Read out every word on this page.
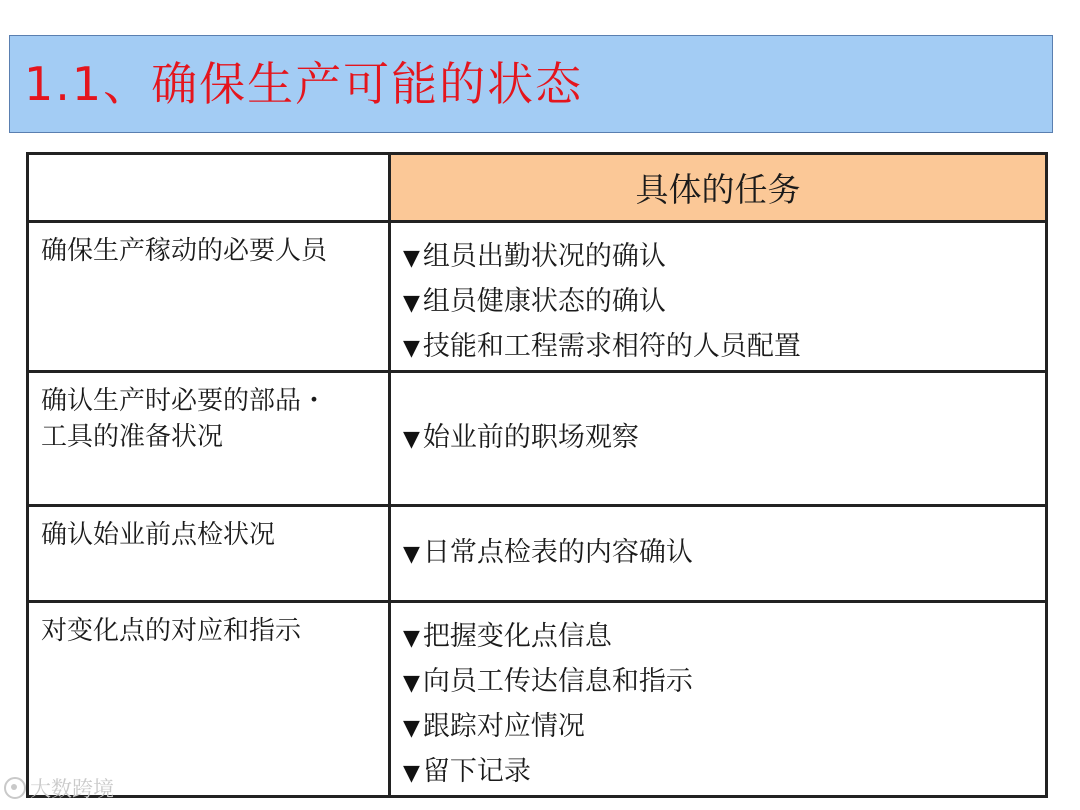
1.1、确保生产可能的状态
	具体的任务

确保生产稼动的必要人员	▼ 组员出勤状况的确认
▼ 组员健康状态的确认
▼ 技能和工程需求相符的人员配置

确认生产时必要的部品・
工具的准备状况	▼ 始业前的职场观察

确认始业前点检状况	▼ 日常点检表的内容确认

对变化点的对应和指示	▼ 把握变化点信息
▼ 向员工传达信息和指示
▼ 跟踪对应情况
▼ 留下记录
大数跨境
